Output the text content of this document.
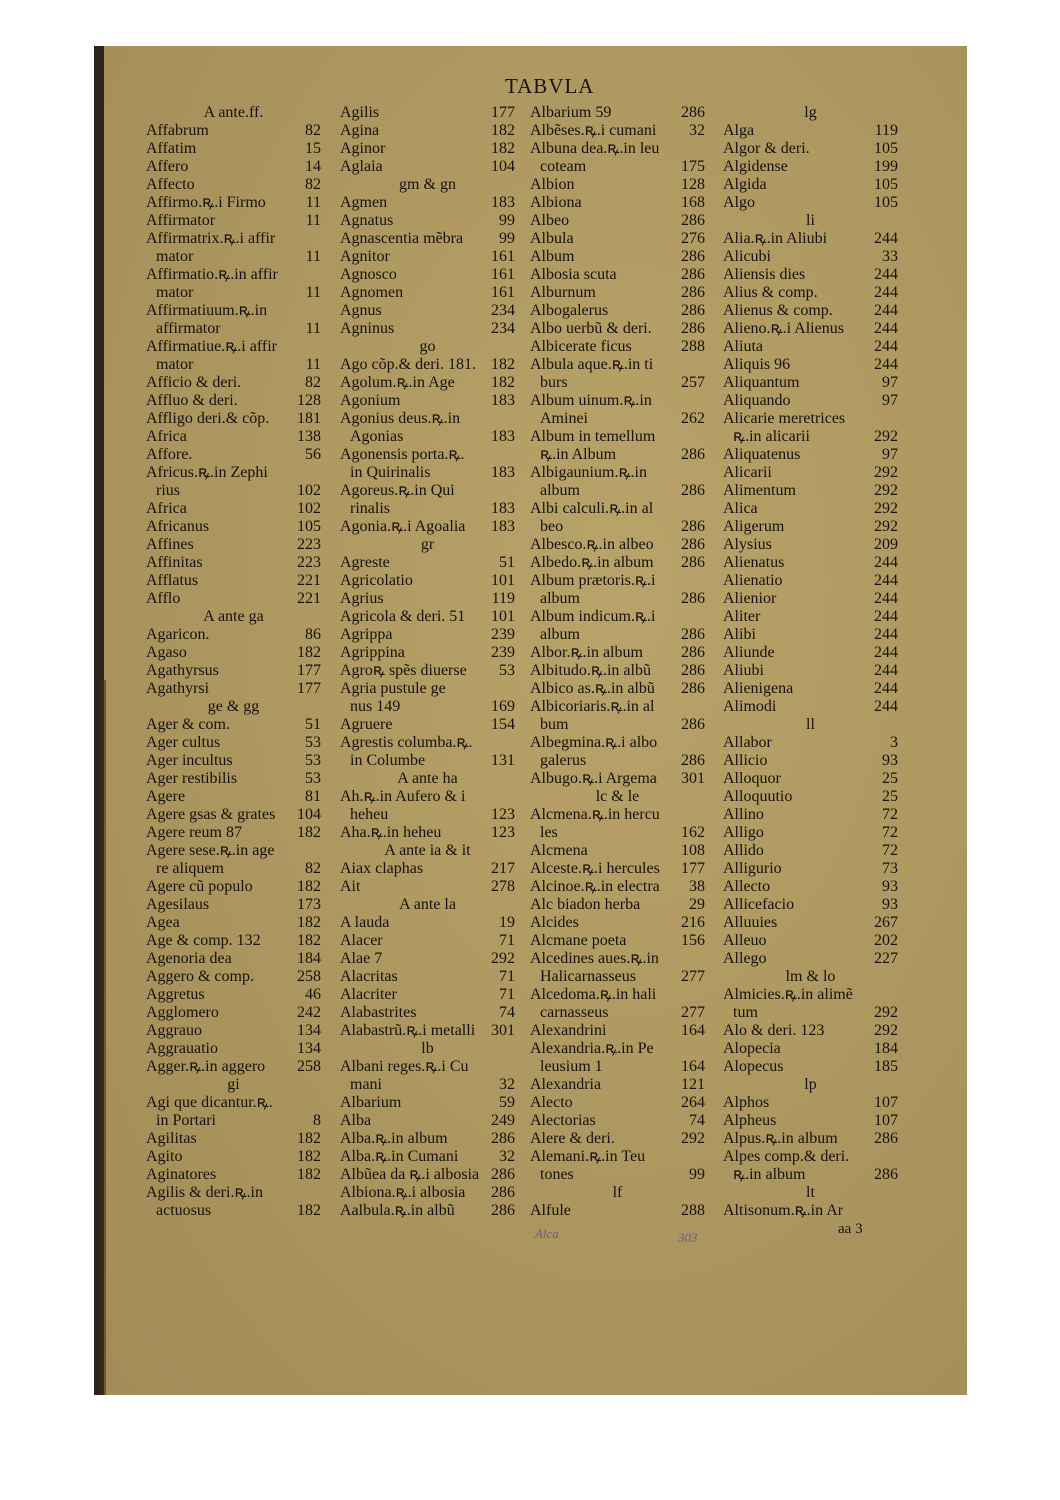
TABVLA
A ante.ff.
Affabrum	82
Affatim	15
Affero	14
Affecto	82
Affirmo.ꝶ.i Firmo 11
Affirmator	11
Affirmatrix.ꝶ.i affir
mator	11
Affirmatio.ꝶ.in affir
mator	11
Affirmatiuum.ꝶ.in
affirmator	11
Affirmatiue.ꝶ.i affir
mator	11
Afficio & deri.	82
Affluo & deri.	128
Affligo deri.& cõp. 181
Africa	138
Affore.	56
Africus.ꝶ.in Zephi
rius	102
Africa	102
Africanus	105
Affines	223
Affinitas	223
Afflatus	221
Afflo	221
A ante ga
Agaricon.	86
Agaso	182
Agathyrsus	177
Agathyrsi	177
ge & gg
Ager & com.	51
Ager cultus	53
Ager incultus	53
Ager restibilis	53
Agere	81
Agere gsas & grates 104
Agere reum 87	182
Agere sese.ꝶ.in age
re aliquem	82
Agere cũ populo	182
Agesilaus	173
Agea	182
Age & comp. 132 182
Agenoria dea	184
Aggero & comp.	258
Aggretus	46
Agglomero	242
Aggrauo	134
Aggrauatio	134
Agger.ꝶ.in aggero 258
gi
Agi que dicantur.ꝶ.
in Portari	8
Agilitas	182
Agito	182
Aginatores	182
Agilis & deri.ꝶ.in
actuosus	182
Agilis	177
Agina	182
Aginor	182
Aglaia	104
gm & gn
Agmen	183
Agnatus	99
Agnascentia mẽbra 99
Agnitor	161
Agnosco	161
Agnomen	161
Agnus	234
Agninus	234
go
Ago cõp.& deri. 181. 182
Agolum.ꝶ.in Age 182
Agonium	183
Agonius deus.ꝶ.in
Agonias	183
Agonensis porta.ꝶ.
in Quirinalis	183
Agoreus.ꝶ.in Qui
rinalis	183
Agonia.ꝶ.i Agoalia 183
gr
Agreste	51
Agricolatio	101
Agrius	119
Agricola & deri. 51 101
Agrippa	239
Agrippina	239
Agroꝶ spẽs diuerse 53
Agria pustule ge
nus 149	169
Agruere	154
Agrestis columba.ꝶ.
in Columbe	131
A ante ha
Ah.ꝶ.in Aufero & i
heheu	123
Aha.ꝶ.in heheu	123
A ante ia & it
Aiax claphas	217
Ait	278
A ante la
A lauda	19
Alacer	71
Alae 7	292
Alacritas	71
Alacriter	71
Alabastrites	74
Alabastrũ.ꝶ.i metalli 301
lb
Albani reges.ꝶ.i Cu
mani	32
Albarium	59
Alba	249
Alba.ꝶ.in album	286
Alba.ꝶ.in Cumani	32
Albũea da ꝶ.i albosia 286
Albiona.ꝶ.i albosia 286
Aalbula.ꝶ.in albũ 286
Albarium 59	286
Albẽses.ꝶ.i cumani 32
Albuna dea.ꝶ.in leu
coteam	175
Albion	128
Albiona	168
Albeo	286
Albula	276
Album	286
Albosia scuta	286
Alburnum	286
Albogalerus	286
Albo uerbũ & deri. 286
Albicerate ficus	288
Albula aque.ꝶ.in ti
burs	257
Album uinum.ꝶ.in
Aminei	262
Album in temellum
ꝶ.in Album	286
Albigaunium.ꝶ.in
album	286
Albi calculi.ꝶ.in al
beo	286
Albesco.ꝶ.in albeo 286
Albedo.ꝶ.in album 286
Album prætoris.ꝶ.i
album	286
Album indicum.ꝶ.i
album	286
Albor.ꝶ.in album 286
Albitudo.ꝶ.in albũ 286
Albico as.ꝶ.in albũ 286
Albicoriaris.ꝶ.in al
bum	286
Albegmina.ꝶ.i albo
galerus	286
Albugo.ꝶ.i Argema 301
lc & le
Alcmena.ꝶ.in hercu
les	162
Alcmena	108
Alceste.ꝶ.i hercules 177
Alcinoe.ꝶ.in electra 38
Alc biadon herba	29
Alcides	216
Alcmane poeta	156
Alcedines aues.ꝶ.in
Halicarnasseus	277
Alcedoma.ꝶ.in hali
carnasseus	277
Alexandrini	164
Alexandria.ꝶ.in Pe
leusium 1	164
Alexandria	121
Alecto	264
Alectorias	74
Alere & deri.	292
Alemani.ꝶ.in Teu
tones	99
lf
Alfule	288
lg
Alga	119
Algor & deri.	105
Algidense	199
Algida	105
Algo	105
li
Alia.ꝶ.in Aliubi	244
Alicubi	33
Aliensis dies	244
Alius & comp.	244
Alienus & comp.	244
Alieno.ꝶ.i Alienus 244
Aliuta	244
Aliquis 96	244
Aliquantum	97
Aliquando	97
Alicarie meretrices
ꝶ.in alicarii	292
Aliquatenus	97
Alicarii	292
Alimentum	292
Alica	292
Aligerum	292
Alysius	209
Alienatus	244
Alienatio	244
Alienior	244
Aliter	244
Alibi	244
Aliunde	244
Aliubi	244
Alienigena	244
Alimodi	244
ll
Allabor	3
Allicio	93
Alloquor	25
Alloquutio	25
Allino	72
Alligo	72
Allido	72
Alligurio	73
Allecto	93
Allicefacio	93
Alluuies	267
Alleuo	202
Allego	227
lm & lo
Almicies.ꝶ.in alimẽ
tum	292
Alo & deri. 123	292
Alopecia	184
Alopecus	185
lp
Alphos	107
Alpheus	107
Alpus.ꝶ.in album 286
Alpes comp.& deri.
ꝶ.in album	286
lt
Altisonum.ꝶ.in Ar
aa 3
Alca	303
